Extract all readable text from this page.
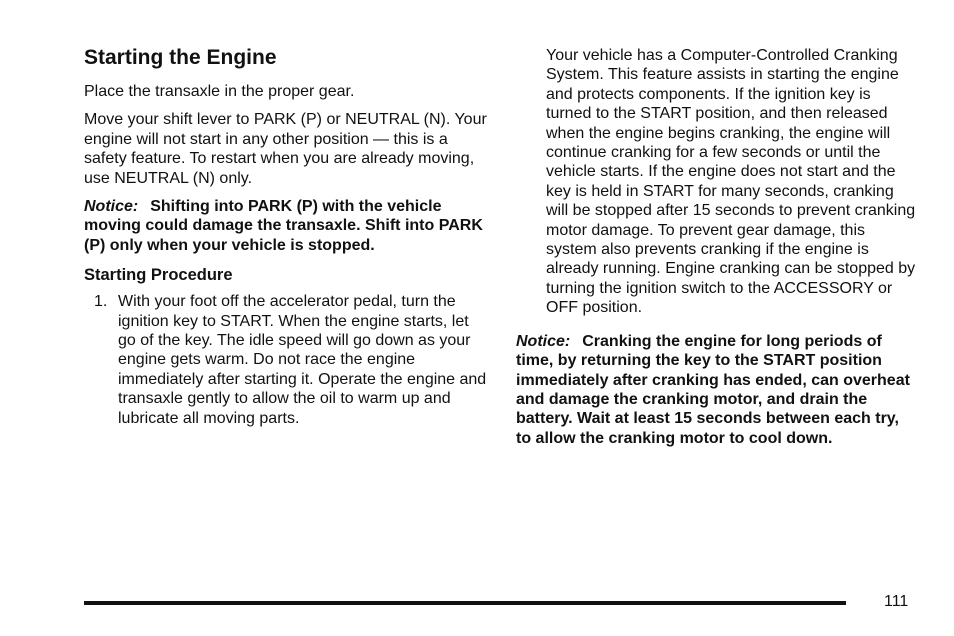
Starting the Engine

Place the transaxle in the proper gear.

Move your shift lever to PARK (P) or NEUTRAL (N). Your engine will not start in any other position — this is a safety feature. To restart when you are already moving, use NEUTRAL (N) only.

Notice: Shifting into PARK (P) with the vehicle moving could damage the transaxle. Shift into PARK (P) only when your vehicle is stopped.

Starting Procedure
1. With your foot off the accelerator pedal, turn the ignition key to START. When the engine starts, let go of the key. The idle speed will go down as your engine gets warm. Do not race the engine immediately after starting it. Operate the engine and transaxle gently to allow the oil to warm up and lubricate all moving parts.

Your vehicle has a Computer-Controlled Cranking System. This feature assists in starting the engine and protects components. If the ignition key is turned to the START position, and then released when the engine begins cranking, the engine will continue cranking for a few seconds or until the vehicle starts. If the engine does not start and the key is held in START for many seconds, cranking will be stopped after 15 seconds to prevent cranking motor damage. To prevent gear damage, this system also prevents cranking if the engine is already running. Engine cranking can be stopped by turning the ignition switch to the ACCESSORY or OFF position.

Notice: Cranking the engine for long periods of time, by returning the key to the START position immediately after cranking has ended, can overheat and damage the cranking motor, and drain the battery. Wait at least 15 seconds between each try, to allow the cranking motor to cool down.

111
